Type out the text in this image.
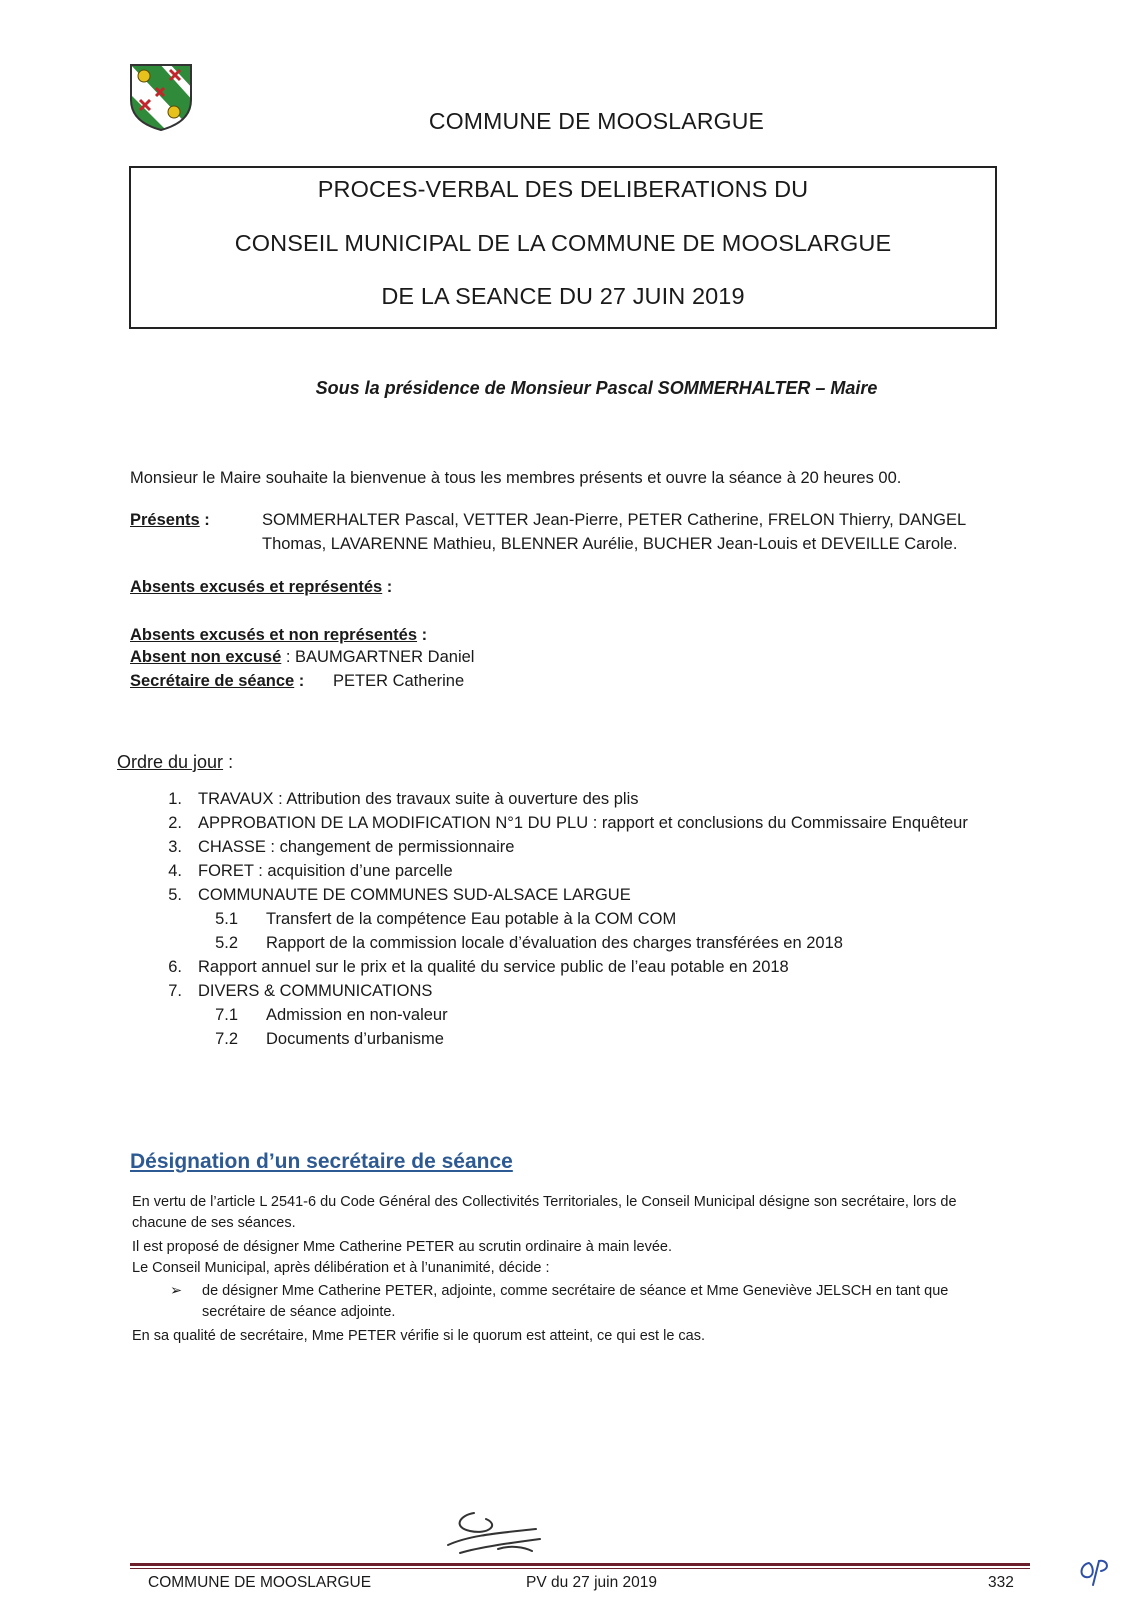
COMMUNE DE MOOSLARGUE
PROCES-VERBAL DES DELIBERATIONS DU
CONSEIL MUNICIPAL DE LA COMMUNE DE MOOSLARGUE
DE LA SEANCE DU 27 JUIN 2019
Sous la présidence de Monsieur Pascal SOMMERHALTER – Maire
Monsieur le Maire souhaite la bienvenue à tous les membres présents et ouvre la séance à 20 heures 00.
Présents :	SOMMERHALTER Pascal, VETTER Jean-Pierre, PETER Catherine, FRELON Thierry, DANGEL
Thomas, LAVARENNE Mathieu, BLENNER Aurélie, BUCHER Jean-Louis et DEVEILLE Carole.
Absents excusés et représentés :
Absents excusés et non représentés :
Absent non excusé : BAUMGARTNER Daniel
Secrétaire de séance : PETER Catherine
Ordre du jour :
1. TRAVAUX : Attribution des travaux suite à ouverture des plis
2. APPROBATION DE LA MODIFICATION N°1 DU PLU : rapport et conclusions du Commissaire Enquêteur
3. CHASSE : changement de permissionnaire
4. FORET : acquisition d’une parcelle
5. COMMUNAUTE DE COMMUNES SUD-ALSACE LARGUE
5.1 Transfert de la compétence Eau potable à la COM COM
5.2 Rapport de la commission locale d’évaluation des charges transférées en 2018
6. Rapport annuel sur le prix et la qualité du service public de l’eau potable en 2018
7. DIVERS & COMMUNICATIONS
7.1 Admission en non-valeur
7.2 Documents d’urbanisme
Désignation d’un secrétaire de séance
En vertu de l’article L 2541-6 du Code Général des Collectivités Territoriales, le Conseil Municipal désigne son secrétaire, lors de
chacune de ses séances.
Il est proposé de désigner Mme Catherine PETER au scrutin ordinaire à main levée.
Le Conseil Municipal, après délibération et à l’unanimité, décide :
➢ de désigner Mme Catherine PETER, adjointe, comme secrétaire de séance et Mme Geneviève JELSCH en tant que
secrétaire de séance adjointe.
En sa qualité de secrétaire, Mme PETER vérifie si le quorum est atteint, ce qui est le cas.
COMMUNE DE MOOSLARGUE	PV du 27 juin 2019	332
